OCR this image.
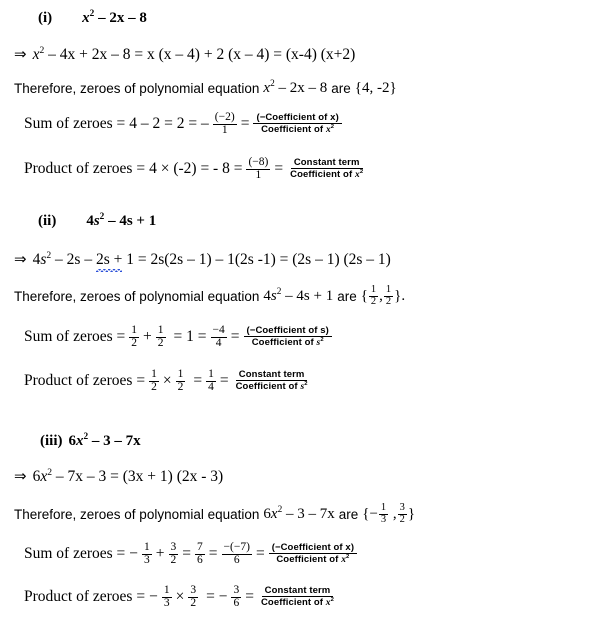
(i) $x^2 - 2x - 8$
⇒ $x^2 - 4x + 2x - 8 = x$ (x – 4) + 2 (x – 4) = (x-4) (x+2)
Therefore, zeroes of polynomial equation $x^2 - 2x - 8$ are {4, -2}
Sum of zeroes = 4 – 2 = 2 = – $\frac{(-2)}{1} = \frac{\text{(−Coefficient of x)}}{Coefficient of x^2}$
Product of zeroes = 4 × (-2) = - $8 = \frac{(-8)}{1} = \frac{\text{Constant term}}{Coefficient of x^2}$
(ii) $4s^2 - 4s + 1$
⇒ $4s^2 - 2s - 2s + 1 = 2s(2s - 1) - 1(2s$ -1) = (2s – 1) (2s – 1)
Therefore, zeroes of polynomial equation $4s^2 - 4s + 1$ are { $\frac{1}{2}$ , $\frac{1}{2}$ }.
Sum of zeroes = $\frac{1}{2} + \frac{1}{2} = 1 = \frac{-4}{4} = \frac{\text{(−Coefficient of s)}}{Coefficient of s^2}$
Product of zeroes = $\frac{1}{2} \times \frac{1}{2} = \frac{1}{4} = \frac{\text{Constant term}}{Coefficient of s^2}$
(iii) $6x^2 - 3 - 7x$
⇒ $6x^2 - 7x - 3 = (3x + 1)$ (2x - 3)
Therefore, zeroes of polynomial equation $6x^2 - 3 - 7x$ are {− $\frac{1}{3}$ , $\frac{3}{2}$ }
Sum of zeroes = − $\frac{1}{3} + \frac{3}{2} = \frac{7}{6} = \frac{-(-7)}{6} = \frac{\text{(−Coefficient of x)}}{Coefficient of x^2}$
Product of zeroes = − $\frac{1}{3} \times \frac{3}{2}$ = − $\frac{3}{6} = \frac{\text{Constant term}}{Coefficient of x^2}$
